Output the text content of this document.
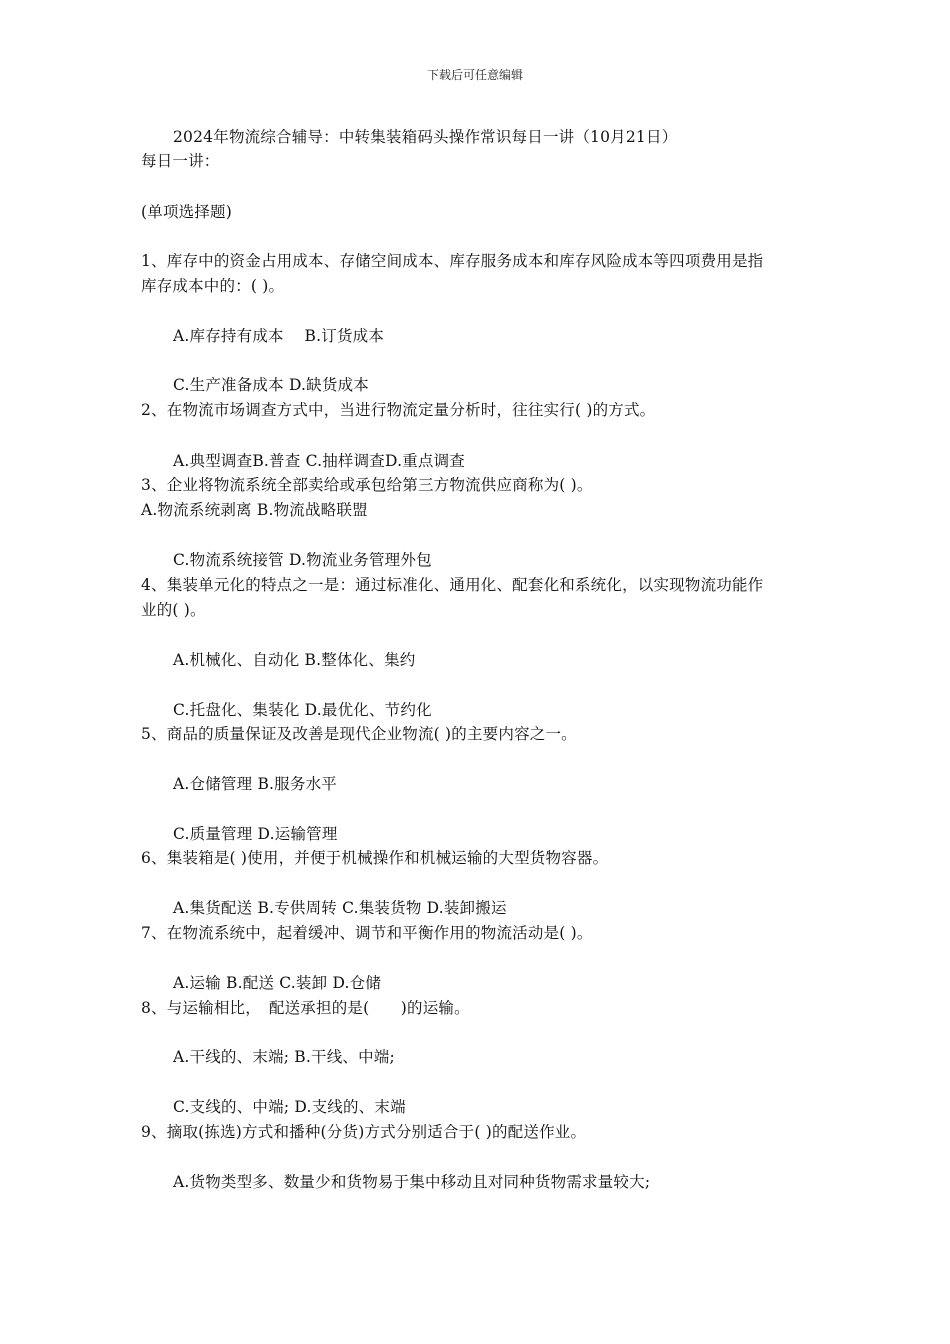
下载后可任意编辑
2024年物流综合辅导：中转集装箱码头操作常识每日一讲（10月21日）
每日一讲：
(单项选择题)
1、库存中的资金占用成本、存储空间成本、库存服务成本和库存风险成本等四项费用是指
库存成本中的：( )。
A.库存持有成本　 B.订货成本
C.生产准备成本 D.缺货成本
2、在物流市场调查方式中，当进行物流定量分析时，往往实行( )的方式。
A.典型调查B.普查 C.抽样调查D.重点调查
3、企业将物流系统全部卖给或承包给第三方物流供应商称为( )。
A.物流系统剥离 B.物流战略联盟
C.物流系统接管 D.物流业务管理外包
4、集装单元化的特点之一是：通过标准化、通用化、配套化和系统化，以实现物流功能作
业的( )。
A.机械化、自动化 B.整体化、集约
C.托盘化、集装化 D.最优化、节约化
5、商品的质量保证及改善是现代企业物流( )的主要内容之一。
A.仓储管理 B.服务水平
C.质量管理 D.运输管理
6、集装箱是( )使用，并便于机械操作和机械运输的大型货物容器。
A.集货配送 B.专供周转 C.集装货物 D.装卸搬运
7、在物流系统中，起着缓冲、调节和平衡作用的物流活动是( )。
A.运输 B.配送 C.装卸 D.仓储
8、与运输相比，　配送承担的是(　　)的运输。
A.干线的、末端; B.干线、中端;
C.支线的、中端; D.支线的、末端
9、摘取(拣选)方式和播种(分货)方式分别适合于( )的配送作业。
A.货物类型多、数量少和货物易于集中移动且对同种货物需求量较大;
